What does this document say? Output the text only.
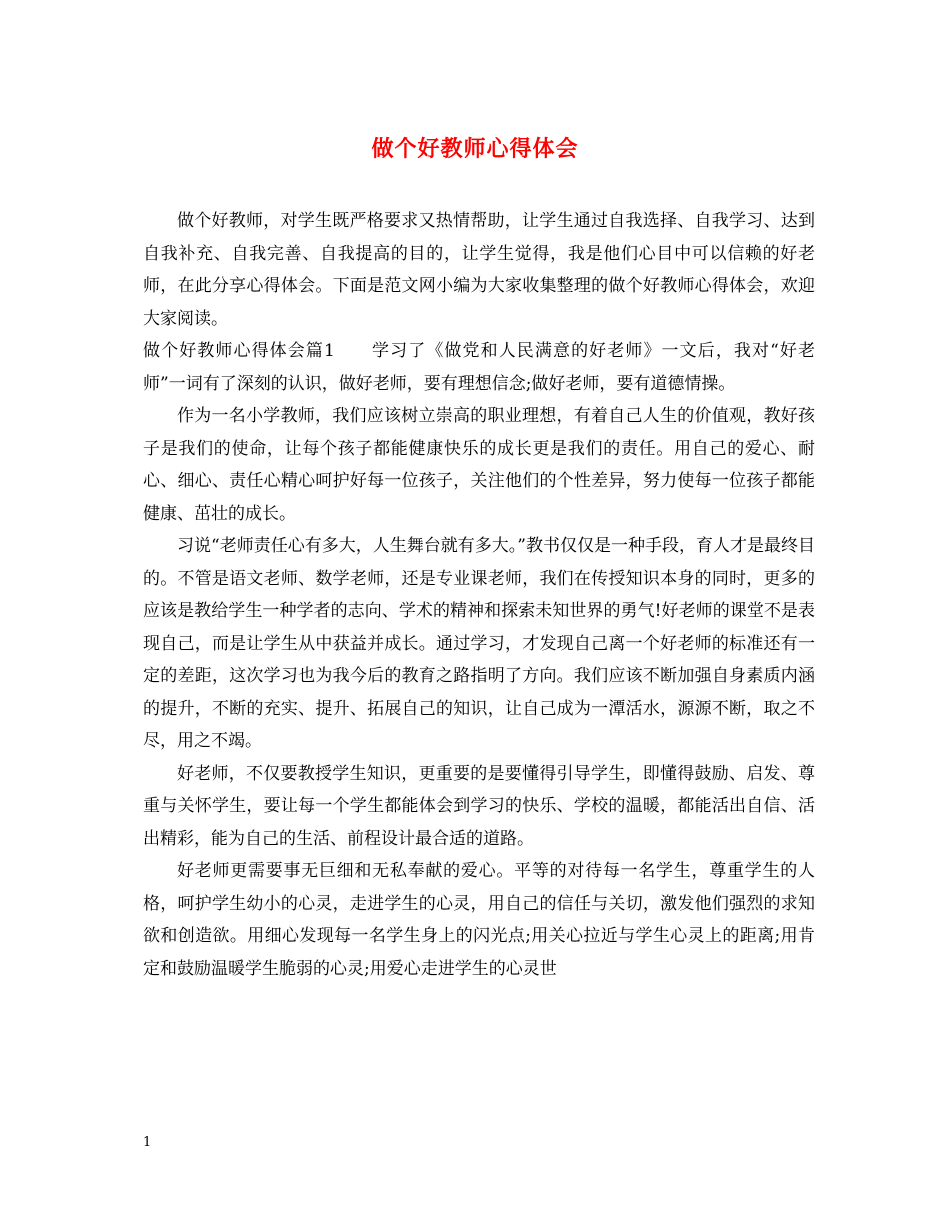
做个好教师心得体会

做个好教师，对学生既严格要求又热情帮助，让学生通过自我选择、自我学习、达到自我补充、自我完善、自我提高的目的，让学生觉得，我是他们心目中可以信赖的好老师，在此分享心得体会。下面是范文网小编为大家收集整理的做个好教师心得体会，欢迎大家阅读。

做个好教师心得体会篇1　　学习了《做党和人民满意的好老师》一文后，我对“好老师”一词有了深刻的认识，做好老师，要有理想信念;做好老师，要有道德情操。

作为一名小学教师，我们应该树立崇高的职业理想，有着自己人生的价值观，教好孩子是我们的使命，让每个孩子都能健康快乐的成长更是我们的责任。用自己的爱心、耐心、细心、责任心精心呵护好每一位孩子，关注他们的个性差异，努力使每一位孩子都能健康、茁壮的成长。

习说“老师责任心有多大，人生舞台就有多大。”教书仅仅是一种手段，育人才是最终目的。不管是语文老师、数学老师，还是专业课老师，我们在传授知识本身的同时，更多的应该是教给学生一种学者的志向、学术的精神和探索未知世界的勇气!好老师的课堂不是表现自己，而是让学生从中获益并成长。通过学习，才发现自己离一个好老师的标准还有一定的差距，这次学习也为我今后的教育之路指明了方向。我们应该不断加强自身素质内涵的提升，不断的充实、提升、拓展自己的知识，让自己成为一潭活水，源源不断，取之不尽，用之不竭。

好老师，不仅要教授学生知识，更重要的是要懂得引导学生，即懂得鼓励、启发、尊重与关怀学生，要让每一个学生都能体会到学习的快乐、学校的温暖，都能活出自信、活出精彩，能为自己的生活、前程设计最合适的道路。

好老师更需要事无巨细和无私奉献的爱心。平等的对待每一名学生，尊重学生的人格，呵护学生幼小的心灵，走进学生的心灵，用自己的信任与关切，激发他们强烈的求知欲和创造欲。用细心发现每一名学生身上的闪光点;用关心拉近与学生心灵上的距离;用肯定和鼓励温暖学生脆弱的心灵;用爱心走进学生的心灵世

1
